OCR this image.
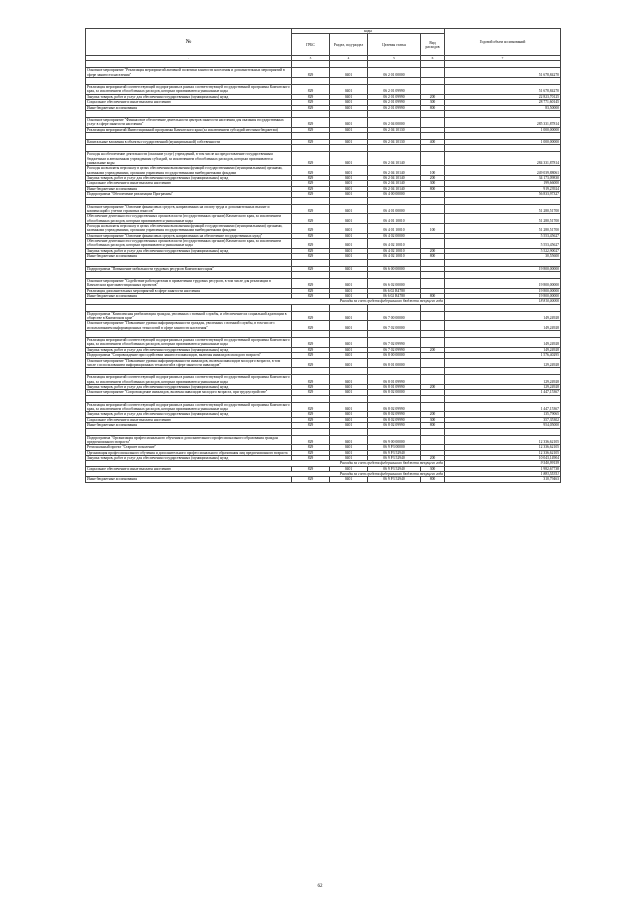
№	коды				Годовой объем ассигнований
	ГРБС	Раздел, под-раздел	Целевая статья	Вид расходов	
.	3	4	5	6	7

Основное мероприятие "Реализация мероприятий активной политики занятости населения и дополнительных мероприятий в сфере занятости населения"	829	0401	06 2 01 00000		51 678,84270

Реализация мероприятий соответствующей подпрограммы в рамках соответствующей государственной программы Камчатского края, за исключением обособленных расходов, которым присваиваются уникальные коды	829	0401	06 2 01 09990		51 678,84270
Закупка товаров, работ и услуг для обеспечения государственных (муниципальных) нужд	829	0401	06 2 01 09990	200	22 823,70125
Социальное обеспечение и иные выплаты населению	829	0401	06 2 01 09990	300	28 771,60145
Иные бюджетные ассигнования	829	0401	06 2 01 09990	800	83,50000

Основное мероприятие "Финансовое обеспечение деятельности центров занятости населения для оказания государственных услуг в сфере занятости населения"	829	0401	06 2 04 00000		285 331,87814
Реализация мероприятий Инвестиционной программы Камчатского края (за исключением субсидий местным бюджетам)	829	0401	06 2 04 10130		1 000,00000

Капитальные вложения в объекты государственной (муниципальной) собственности	829	0401	06 2 04 10130	400	1 000,00000

Расходы на обеспечение деятельности (оказание услуг) учреждений, в том числе на предоставление государственным бюджетным и автономным учреждениям субсидий, за исключением обособленных расходов, которым присваиваются уникальные коды	829	0401	06 2 04 10140		284 331,87814
Расходы на выплаты персоналу в целях обеспечения выполнения функций государственными (муниципальными) органами, казенными учреждениями, органами управления государственными внебюджетными фондами	829	0401	06 2 04 10140	100	249 039,88061
Закупка товаров, работ и услуг для обеспечения государственных (муниципальных) нужд	829	0401	06 2 04 10140	200	34 173,09830
Социальное обеспечение и иные выплаты населению	829	0401	06 2 04 10140	300	199,66000
Иные бюджетные ассигнования	829	0401	06 2 04 10140	800	919,23924
Подпрограмма "Обеспечение реализации Программы"	829	0401	06 4 00 00000		56 833,97327

Основное мероприятие "Освоение финансовых средств, направленных на оплату труда и дополнительных выплат и компенсаций с учетом страховых взносов"	829	0401	06 4 01 00000		51 280,51700
Обеспечение деятельности государственных органов власти (государственных органов) Камчатского края, за исключением обособленных расходов, которым присваиваются уникальные коды	829	0401	06 4 01 10010		51 280,51700
Расходы на выплаты персоналу в целях обеспечения выполнения функций государственными (муниципальными) органами, казенными учреждениями, органами управления государственными внебюджетными фондами	829	0401	06 4 01 10010	100	51 280,51700
Основное мероприятие "Освоение финансовых средств, направленных на обеспечение государственных нужд"	829	0401	06 4 02 00000		5 553,45627
Обеспечение деятельности государственных органов власти (государственных органов) Камчатского края, за исключением обособленных расходов, которым присваиваются уникальные коды	829	0401	06 4 02 10010		5 553,45627
Закупка товаров, работ и услуг для обеспечения государственных (муниципальных) нужд	829	0401	06 4 02 10010	200	5 522,90027
Иные бюджетные ассигнования	829	0401	06 4 02 10010	800	30,55600

Подпрограмма "Повышение мобильности трудовых ресурсов Камчатского края"	829	0401	06 6 00 00000		19 800,00000

Основное мероприятие "Содействие работодателям в привлечении трудовых ресурсов, в том числе для реализации в Камчатском крае инвестиционных проектов"	829	0401	06 6 02 00000		19 800,00000
Реализация дополнительных мероприятий в сфере занятости населения	829	0401	06 6 02 R4780		19 800,00000
Иные бюджетные ассигнования	829	0401	06 6 02 R4780	800	19 800,00000
Расходы за счет средств федерального бюджета текущего года					18 810,00000

Подпрограмма "Комплексная реабилитация граждан, уволенных с военной службы, и обеспечение их социальной адаптации в обществе в Камчатском крае"	829	0401	06 7 00 00000		149,24928
Основное мероприятие "Повышение уровня информированности граждан, уволенных с военной службы, в том числе с использованием информационных технологий в сфере занятости населения"	829	0401	06 7 02 00000		149,24928

Реализация мероприятий соответствующей подпрограммы в рамках соответствующей государственной программы Камчатского края, за исключением обособленных расходов, которым присваиваются уникальные коды	829	0401	06 7 02 09990		149,24928
Закупка товаров, работ и услуг для обеспечения государственных (муниципальных) нужд	829	0401	06 7 02 09990	200	149,24928
Подпрограмма "Сопровождение при содействии занятости инвалидов, включая инвалидов молодого возраста"	829	0401	06 8 00 00000		1 576,40295
Основное мероприятие "Повышение уровня информированности инвалидов, включая инвалидов молодого возраста, в том числе с использованием информационных технологий в сфере занятости инвалидов"	829	0401	06 8 01 00000		129,24928

Реализация мероприятий соответствующей подпрограммы в рамках соответствующей государственной программы Камчатского края, за исключением обособленных расходов, которым присваиваются уникальные коды	829	0401	06 8 01 09990		129,24928
Закупка товаров, работ и услуг для обеспечения государственных (муниципальных) нужд	829	0401	06 8 01 09990	200	129,24928
Основное мероприятие "Сопровождение инвалидов, включая инвалидов молодого возраста, при трудоустройстве"	829	0401	06 8 02 00000		1 447,15367

Реализация мероприятий соответствующей подпрограммы в рамках соответствующей государственной программы Камчатского края, за исключением обособленных расходов, которым присваиваются уникальные коды	829	0401	06 8 02 09990		1 447,15367
Закупка товаров, работ и услуг для обеспечения государственных (муниципальных) нужд	829	0401	06 8 02 09990	200	135,79065
Социальное обеспечение и иные выплаты населению	829	0401	06 8 02 09990	300	357,35302
Иные бюджетные ассигнования	829	0401	06 8 02 09990	800	954,05000

Подпрограмма "Организация профессионального обучения и дополнительного профессионального образования граждан предпенсионного возраста"	829	0401	06 9 00 00000		12 336,62105
Региональный проект "Старшее поколение"	829	0401	06 9 P3 00000		12 336,62105
Организация профессионального обучения и дополнительного профессионального образования лиц предпенсионного возраста	829	0401	06 9 P3 52940		12 336,62105
Закупка товаров, работ и услуг для обеспечения государственных (муниципальных) нужд	829	0401	06 9 P3 52940	200	10 043,14904
Расходы за счет средств федерального бюджета текущего года					9 540,99159
Социальное обеспечение и иные выплаты населению	829	0401	06 9 P3 52940	300	1 982,67738
Расходы за счет средств федерального бюджета текущего года					1 883,55351
Иные бюджетные ассигнования	829	0401	06 9 P3 52940	800	310,79463
62
